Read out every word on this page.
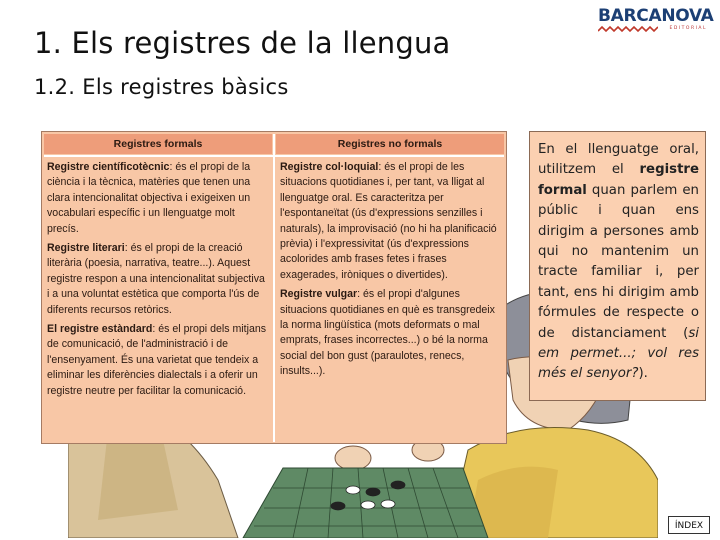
1. Els registres de la llengua
1.2. Els registres bàsics
BARCANOVA
EDITORIAL
Registres formals	Registres no formals

Registre científicotècnic: és el propi de la ciència i la tècnica, matèries que tenen una clara intencionalitat objectiva i exigeixen un vocabulari específic i un llenguatge molt precís.

Registre literari: és el propi de la creació literària (poesia, narrativa, teatre...). Aquest registre respon a una intencionalitat subjectiva i a una voluntat estètica que comporta l'ús de diferents recursos retòrics.

El registre estàndard: és el propi dels mitjans de comunicació, de l'administració i de l'ensenyament. És una varietat que tendeix a eliminar les diferències dialectals i a oferir un registre neutre per facilitar la comunicació.

Registre col·loquial: és el propi de les situacions quotidianes i, per tant, va lligat al llenguatge oral. Es caracteritza per l'espontaneïtat (ús d'expressions senzilles i naturals), la improvisació (no hi ha planificació prèvia) i l'expressivitat (ús d'expressions acolorides amb frases fetes i frases exagerades, iròniques o divertides).

Registre vulgar: és el propi d'algunes situacions quotidianes en què es transgredeix la norma lingüística (mots deformats o mal emprats, frases incorrectes...) o bé la norma social del bon gust (paraulotes, renecs, insults...).

En el llenguatge oral, utilitzem el registre formal quan parlem en públic i quan ens dirigim a persones amb qui no mantenim un tracte familiar i, per tant, ens hi dirigim amb fórmules de respecte o de distanciament (si em permet...; vol res més el senyor?).
ÍNDEX
